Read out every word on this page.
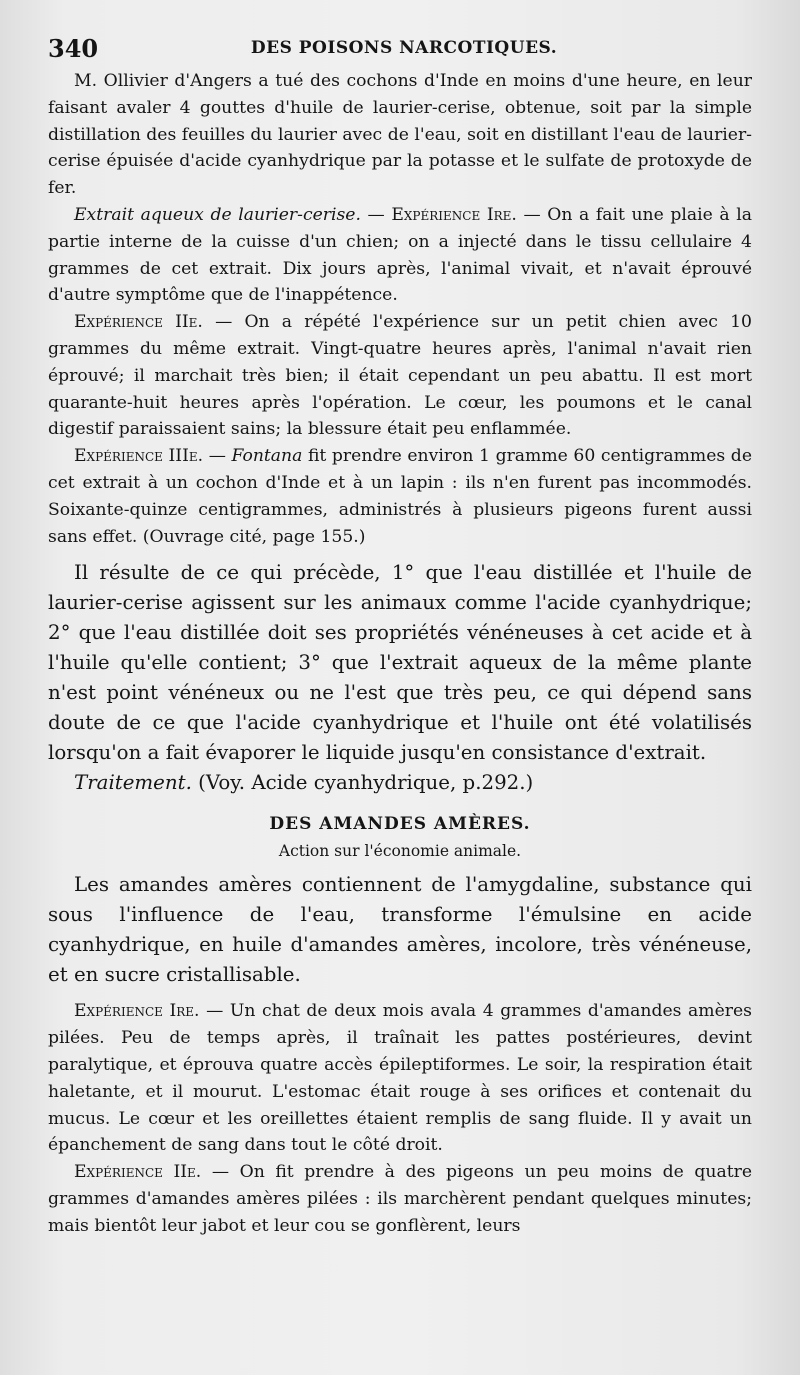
340	DES POISONS NARCOTIQUES.

M. Ollivier d'Angers a tué des cochons d'Inde en moins d'une heure, en leur faisant avaler 4 gouttes d'huile de laurier-cerise, obtenue, soit par la simple distillation des feuilles du laurier avec de l'eau, soit en distillant l'eau de laurier-cerise épuisée d'acide cyanhydrique par la potasse et le sulfate de protoxyde de fer.

Extrait aqueux de laurier-cerise. — Expérience Ire. — On a fait une plaie à la partie interne de la cuisse d'un chien; on a injecté dans le tissu cellulaire 4 grammes de cet extrait. Dix jours après, l'animal vivait, et n'avait éprouvé d'autre symptôme que de l'inappétence.

Expérience IIe. — On a répété l'expérience sur un petit chien avec 10 grammes du même extrait. Vingt-quatre heures après, l'animal n'avait rien éprouvé; il marchait très bien; il était cependant un peu abattu. Il est mort quarante-huit heures après l'opération. Le cœur, les poumons et le canal digestif paraissaient sains; la blessure était peu enflammée.

Expérience IIIe. — Fontana fit prendre environ 1 gramme 60 centigrammes de cet extrait à un cochon d'Inde et à un lapin : ils n'en furent pas incommodés. Soixante-quinze centigrammes, administrés à plusieurs pigeons furent aussi sans effet. (Ouvrage cité, page 155.)

Il résulte de ce qui précède, 1° que l'eau distillée et l'huile de laurier-cerise agissent sur les animaux comme l'acide cyanhydrique; 2° que l'eau distillée doit ses propriétés vénéneuses à cet acide et à l'huile qu'elle contient; 3° que l'extrait aqueux de la même plante n'est point vénéneux ou ne l'est que très peu, ce qui dépend sans doute de ce que l'acide cyanhydrique et l'huile ont été volatilisés lorsqu'on a fait évaporer le liquide jusqu'en consistance d'extrait.

Traitement. (Voy. Acide cyanhydrique, p.292.)

DES AMANDES AMÈRES.
Action sur l'économie animale.

Les amandes amères contiennent de l'amygdaline, substance qui sous l'influence de l'eau, transforme l'émulsine en acide cyanhydrique, en huile d'amandes amères, incolore, très vénéneuse, et en sucre cristallisable.

Expérience Ire. — Un chat de deux mois avala 4 grammes d'amandes amères pilées. Peu de temps après, il traînait les pattes postérieures, devint paralytique, et éprouva quatre accès épileptiformes. Le soir, la respiration était haletante, et il mourut. L'estomac était rouge à ses orifices et contenait du mucus. Le cœur et les oreillettes étaient remplis de sang fluide. Il y avait un épanchement de sang dans tout le côté droit.

Expérience IIe. — On fit prendre à des pigeons un peu moins de quatre grammes d'amandes amères pilées : ils marchèrent pendant quelques minutes; mais bientôt leur jabot et leur cou se gonflèrent, leurs
